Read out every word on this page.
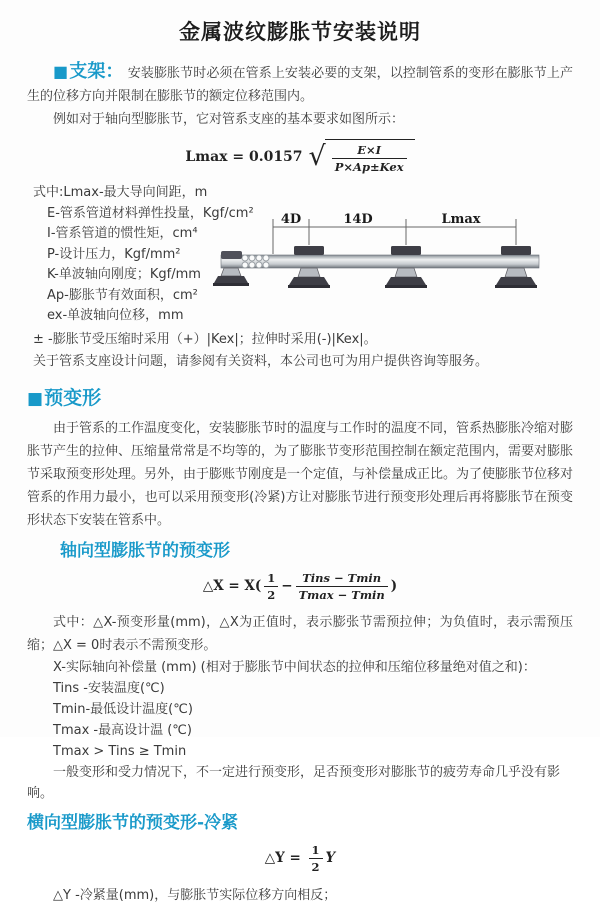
金属波纹膨胀节安装说明

■支架： 安装膨胀节时必须在管系上安装必要的支架，以控制管系的变形在膨胀节上产生的位移方向并限制在膨胀节的额定位移范围内。

例如对于轴向型膨胀节，它对管系支座的基本要求如图所示：

Lmax = 0.0157 √ $\frac{E\times I}{\text{P×Ap±Kex}}$
式中:Lmax-最大导向间距，m
E-管系管道材料弹性投量，Kgf/cm²
I-管系管道的惯性矩，cm⁴
P-设计压力，Kgf/mm²
K-单波轴向刚度；Kgf/mm
Ap-膨胀节有效面积，cm²
ex-单波轴向位移，mm
4D	14D	Lmax
± -膨胀节受压缩时采用（+）|Kex|；拉伸时采用(-)|Kex|。
关于管系支座设计问题，请参阅有关资料，本公司也可为用户提供咨询等服务。
■预变形

由于管系的工作温度变化，安装膨胀节时的温度与工作时的温度不同，管系热膨胀冷缩对膨胀节产生的拉伸、压缩量常常是不均等的，为了膨胀节变形范围控制在额定范围内，需要对膨胀节采取预变形处理。另外，由于膨账节刚度是一个定值，与补偿量成正比。为了使膨胀节位移对管系的作用力最小，也可以采用预变形(冷紧)方让对膨胀节进行预变形处理后再将膨胀节在预变形状态下安装在管系中。

轴向型膨胀节的预变形
△X = $X( \frac{1}{2} - \frac{\text{Tins − Tmin}}{Tmax - Tmin}$ )

式中：△X-预变形量(mm)，△X为正值时，表示膨张节需预拉伸；为负值时，表示需预压缩；△X = 0时表示不需预变形。

X-实际轴向补偿量 (mm) (相对于膨胀节中间状态的拉伸和压缩位移量绝对值之和)：

Tins -安装温度(℃)

Tmin-最低设计温度(℃)

Tmax -最高设计温 (℃)

Tmax > Tins ≥ Tmin

一般变形和受力情况下，不一定进行预变形，足否预变形对膨胀节的疲劳寿命几乎没有影响。

横向型膨胀节的预变形-冷紧
△Y = $\frac{1}{2}$ Y

△Y -冷紧量(mm)，与膨胀节实际位移方向相反；
